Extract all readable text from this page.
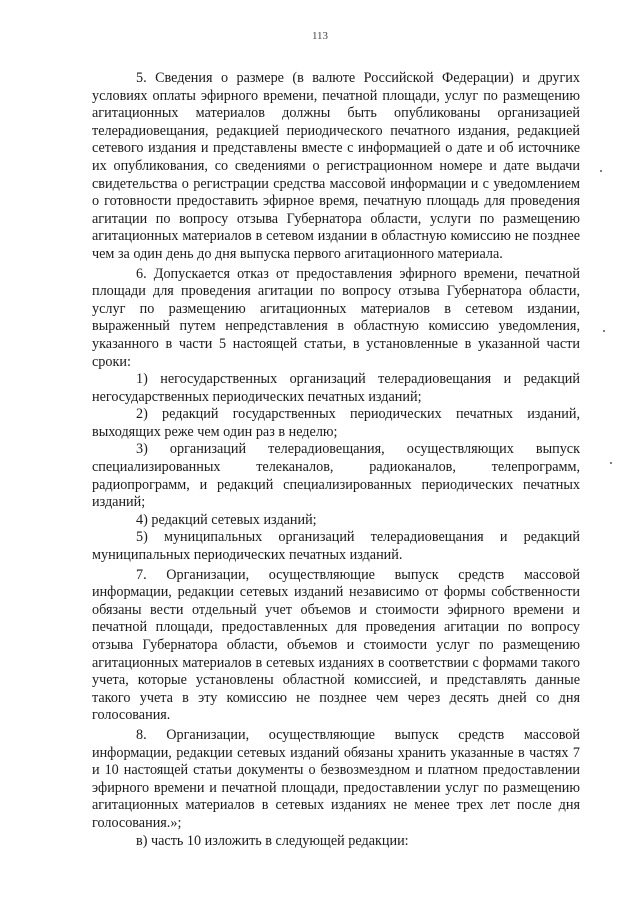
113

5. Сведения о размере (в валюте Российской Федерации) и других условиях оплаты эфирного времени, печатной площади, услуг по размещению агитационных материалов должны быть опубликованы организацией телерадиовещания, редакцией периодического печатного издания, редакцией сетевого издания и представлены вместе с информацией о дате и об источнике их опубликования, со сведениями о регистрационном номере и дате выдачи свидетельства о регистрации средства массовой информации и с уведомлением о готовности предоставить эфирное время, печатную площадь для проведения агитации по вопросу отзыва Губернатора области, услуги по размещению агитационных материалов в сетевом издании в областную комиссию не позднее чем за один день до дня выпуска первого агитационного материала.

6. Допускается отказ от предоставления эфирного времени, печатной площади для проведения агитации по вопросу отзыва Губернатора области, услуг по размещению агитационных материалов в сетевом издании, выраженный путем непредставления в областную комиссию уведомления, указанного в части 5 настоящей статьи, в установленные в указанной части сроки:

1) негосударственных организаций телерадиовещания и редакций негосударственных периодических печатных изданий;

2) редакций государственных периодических печатных изданий, выходящих реже чем один раз в неделю;

3) организаций телерадиовещания, осуществляющих выпуск специализированных телеканалов, радиоканалов, телепрограмм, радиопрограмм, и редакций специализированных периодических печатных изданий;

4) редакций сетевых изданий;

5) муниципальных организаций телерадиовещания и редакций муниципальных периодических печатных изданий.

7. Организации, осуществляющие выпуск средств массовой информации, редакции сетевых изданий независимо от формы собственности обязаны вести отдельный учет объемов и стоимости эфирного времени и печатной площади, предоставленных для проведения агитации по вопросу отзыва Губернатора области, объемов и стоимости услуг по размещению агитационных материалов в сетевых изданиях в соответствии с формами такого учета, которые установлены областной комиссией, и представлять данные такого учета в эту комиссию не позднее чем через десять дней со дня голосования.

8. Организации, осуществляющие выпуск средств массовой информации, редакции сетевых изданий обязаны хранить указанные в частях 7 и 10 настоящей статьи документы о безвозмездном и платном предоставлении эфирного времени и печатной площади, предоставлении услуг по размещению агитационных материалов в сетевых изданиях не менее трех лет после дня голосования.»;

в) часть 10 изложить в следующей редакции:
